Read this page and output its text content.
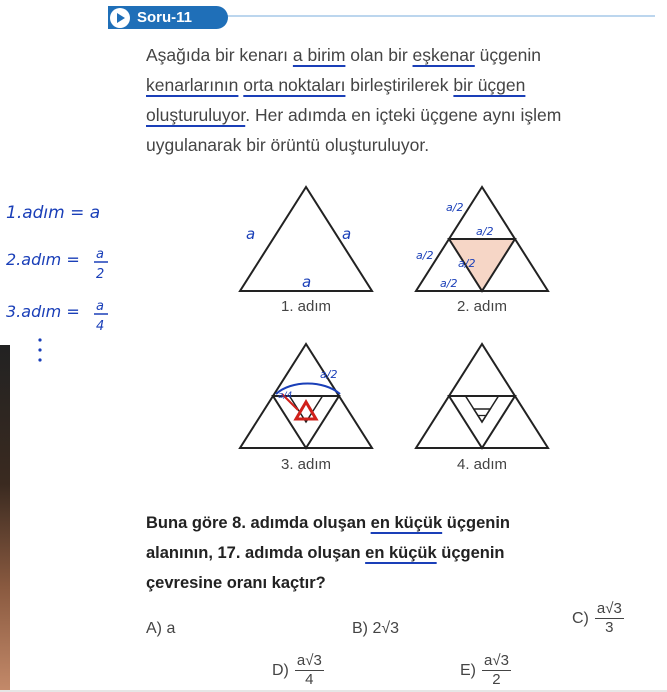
Soru-11

Aşağıda bir kenarı a birim olan bir eşkenar üçgenin

kenarlarının orta noktaları birleştirilerek bir üçgen

oluşturuluyor. Her adımda en içteki üçgene aynı işlem

uygulanarak bir örüntü oluşturuluyor.

1.adım = a
2.adım = a
2
3.adım = a
4
a	a
a
1. adım
a/2
a/2
a/2
a/2
a/2
2. adım
a/2
a/4
3. adım	4. adım

Buna göre 8. adımda oluşan en küçük üçgenin

alanının, 17. adımda oluşan en küçük üçgenin

çevresine oranı kaçtır?

A)
a	B)
2√3
$C) \frac{a√3}{3}$
$D) \frac{a√3}{4}$	$E) \frac{a√3}{2}$
